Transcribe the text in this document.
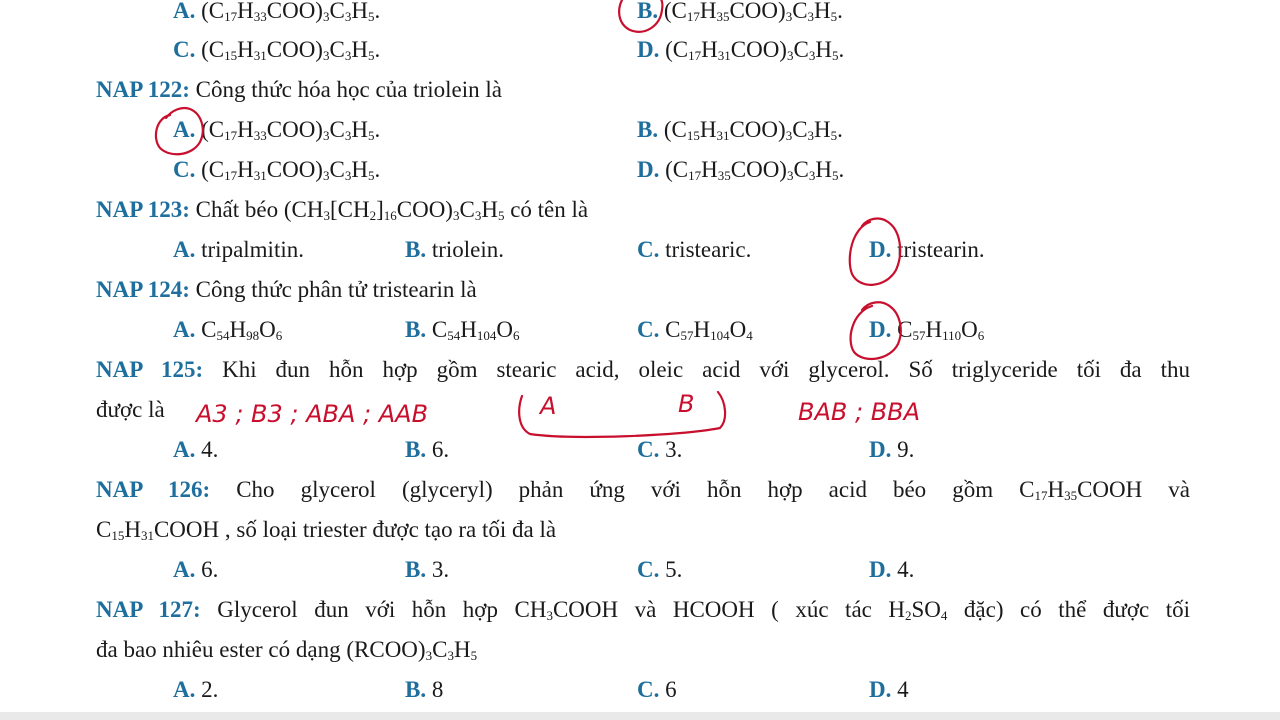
A. $(C_{17}H_{33}COO)_3C_3H_5$.	B. $(C_{17}H_{35}COO)_3C_3H_5$.
C. $(C_{15}H_{31}COO)_3C_3H_5$.	D. $(C_{17}H_{31}COO)_3C_3H_5$.
NAP 122: Công thức hóa học của triolein là
A. $(C_{17}H_{33}COO)_3C_3H_5$.	B. $(C_{15}H_{31}COO)_3C_3H_5$.
C. $(C_{17}H_{31}COO)_3C_3H_5$.	D. $(C_{17}H_{35}COO)_3C_3H_5$.
NAP 123: Chất béo $(CH_3[CH_2]_{16}COO)_3C_3H_5$ có tên là
A. tripalmitin.	B. triolein.	C. tristearic.	D. tristearin.
NAP 124: Công thức phân tử tristearin là
A. $C_{54}H_{98}O_6$	B. $C_{54}H_{104}O_6$	C. $C_{57}H_{104}O_4$	D. $C_{57}H_{110}O_6$
NAP 125: Khi đun hỗn hợp gồm stearic acid, oleic acid với glycerol. Số triglyceride tối đa thu
được là
A. 4.	B. 6.	C. 3.	D. 9.
NAP 126: Cho glycerol (glyceryl) phản ứng với hỗn hợp acid béo gồm $C_{17}H_{35}COOH$ và
$C_{15}H_{31}COOH$ , số loại triester được tạo ra tối đa là
A. 6.	B. 3.	C. 5.	D. 4.
NAP 127: Glycerol đun với hỗn hợp $CH_3COOH$ và HCOOH ( xúc tác $H_2SO_4$ đặc) có thể được tối
đa bao nhiêu ester có dạng $(RCOO)_3C_3H_5$
A. 2.	B. 8	C. 6	D. 4
A3 ; B3 ; ABA ; AAB	A	B	BAB ; BBA
